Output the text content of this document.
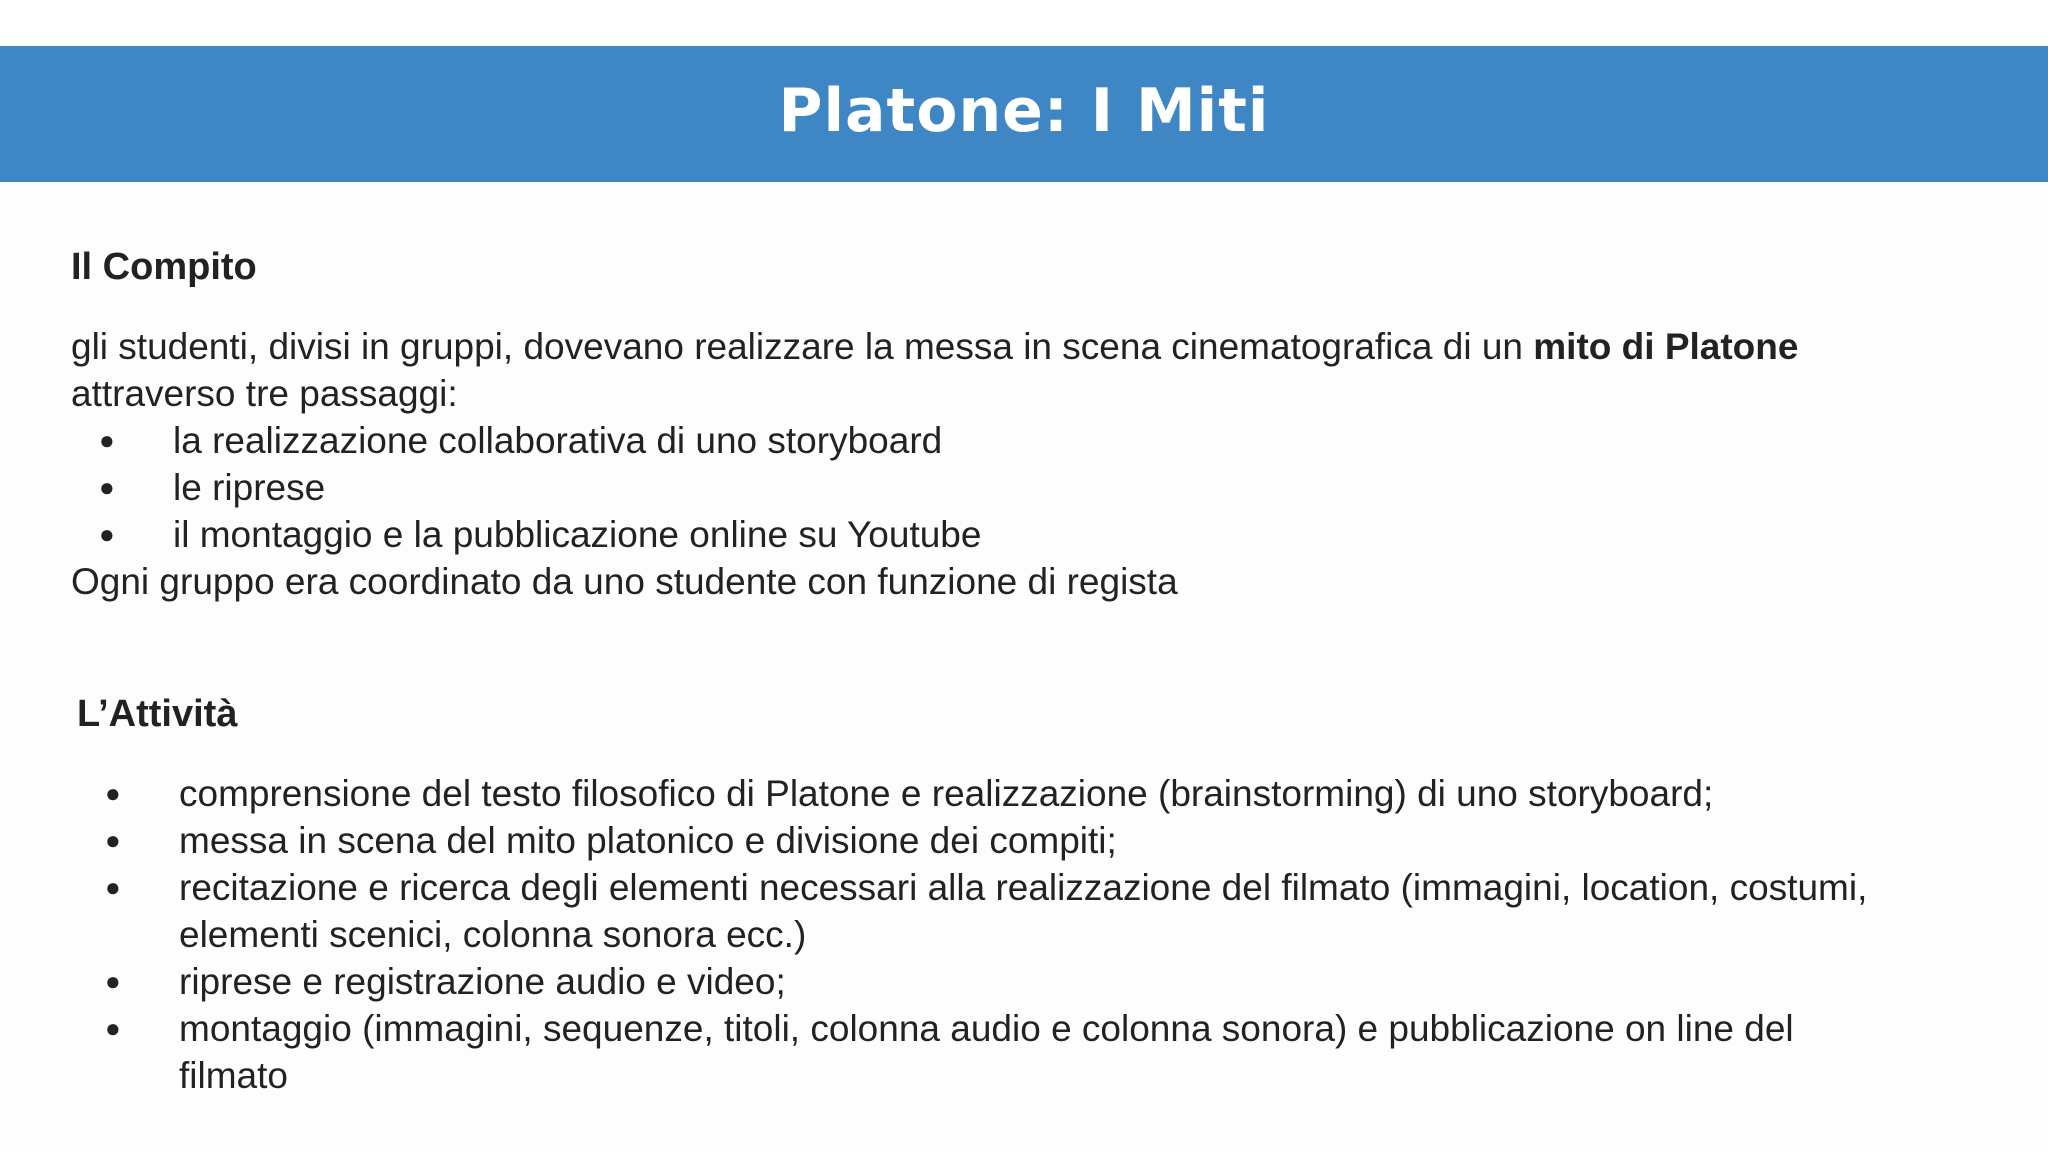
Platone: I Miti
Il Compito

gli studenti, divisi in gruppi, dovevano realizzare la messa in scena cinematografica di un mito di Platone
attraverso tre passaggi:

● la realizzazione collaborativa di uno storyboard
● le riprese
● il montaggio e la pubblicazione online su Youtube

Ogni gruppo era coordinato da uno studente con funzione di regista

L’Attività
● comprensione del testo filosofico di Platone e realizzazione (brainstorming) di uno storyboard;
● messa in scena del mito platonico e divisione dei compiti;
● recitazione e ricerca degli elementi necessari alla realizzazione del filmato (immagini, location, costumi,
elementi scenici, colonna sonora ecc.)
● riprese e registrazione audio e video;
● montaggio (immagini, sequenze, titoli, colonna audio e colonna sonora) e pubblicazione on line del
filmato
